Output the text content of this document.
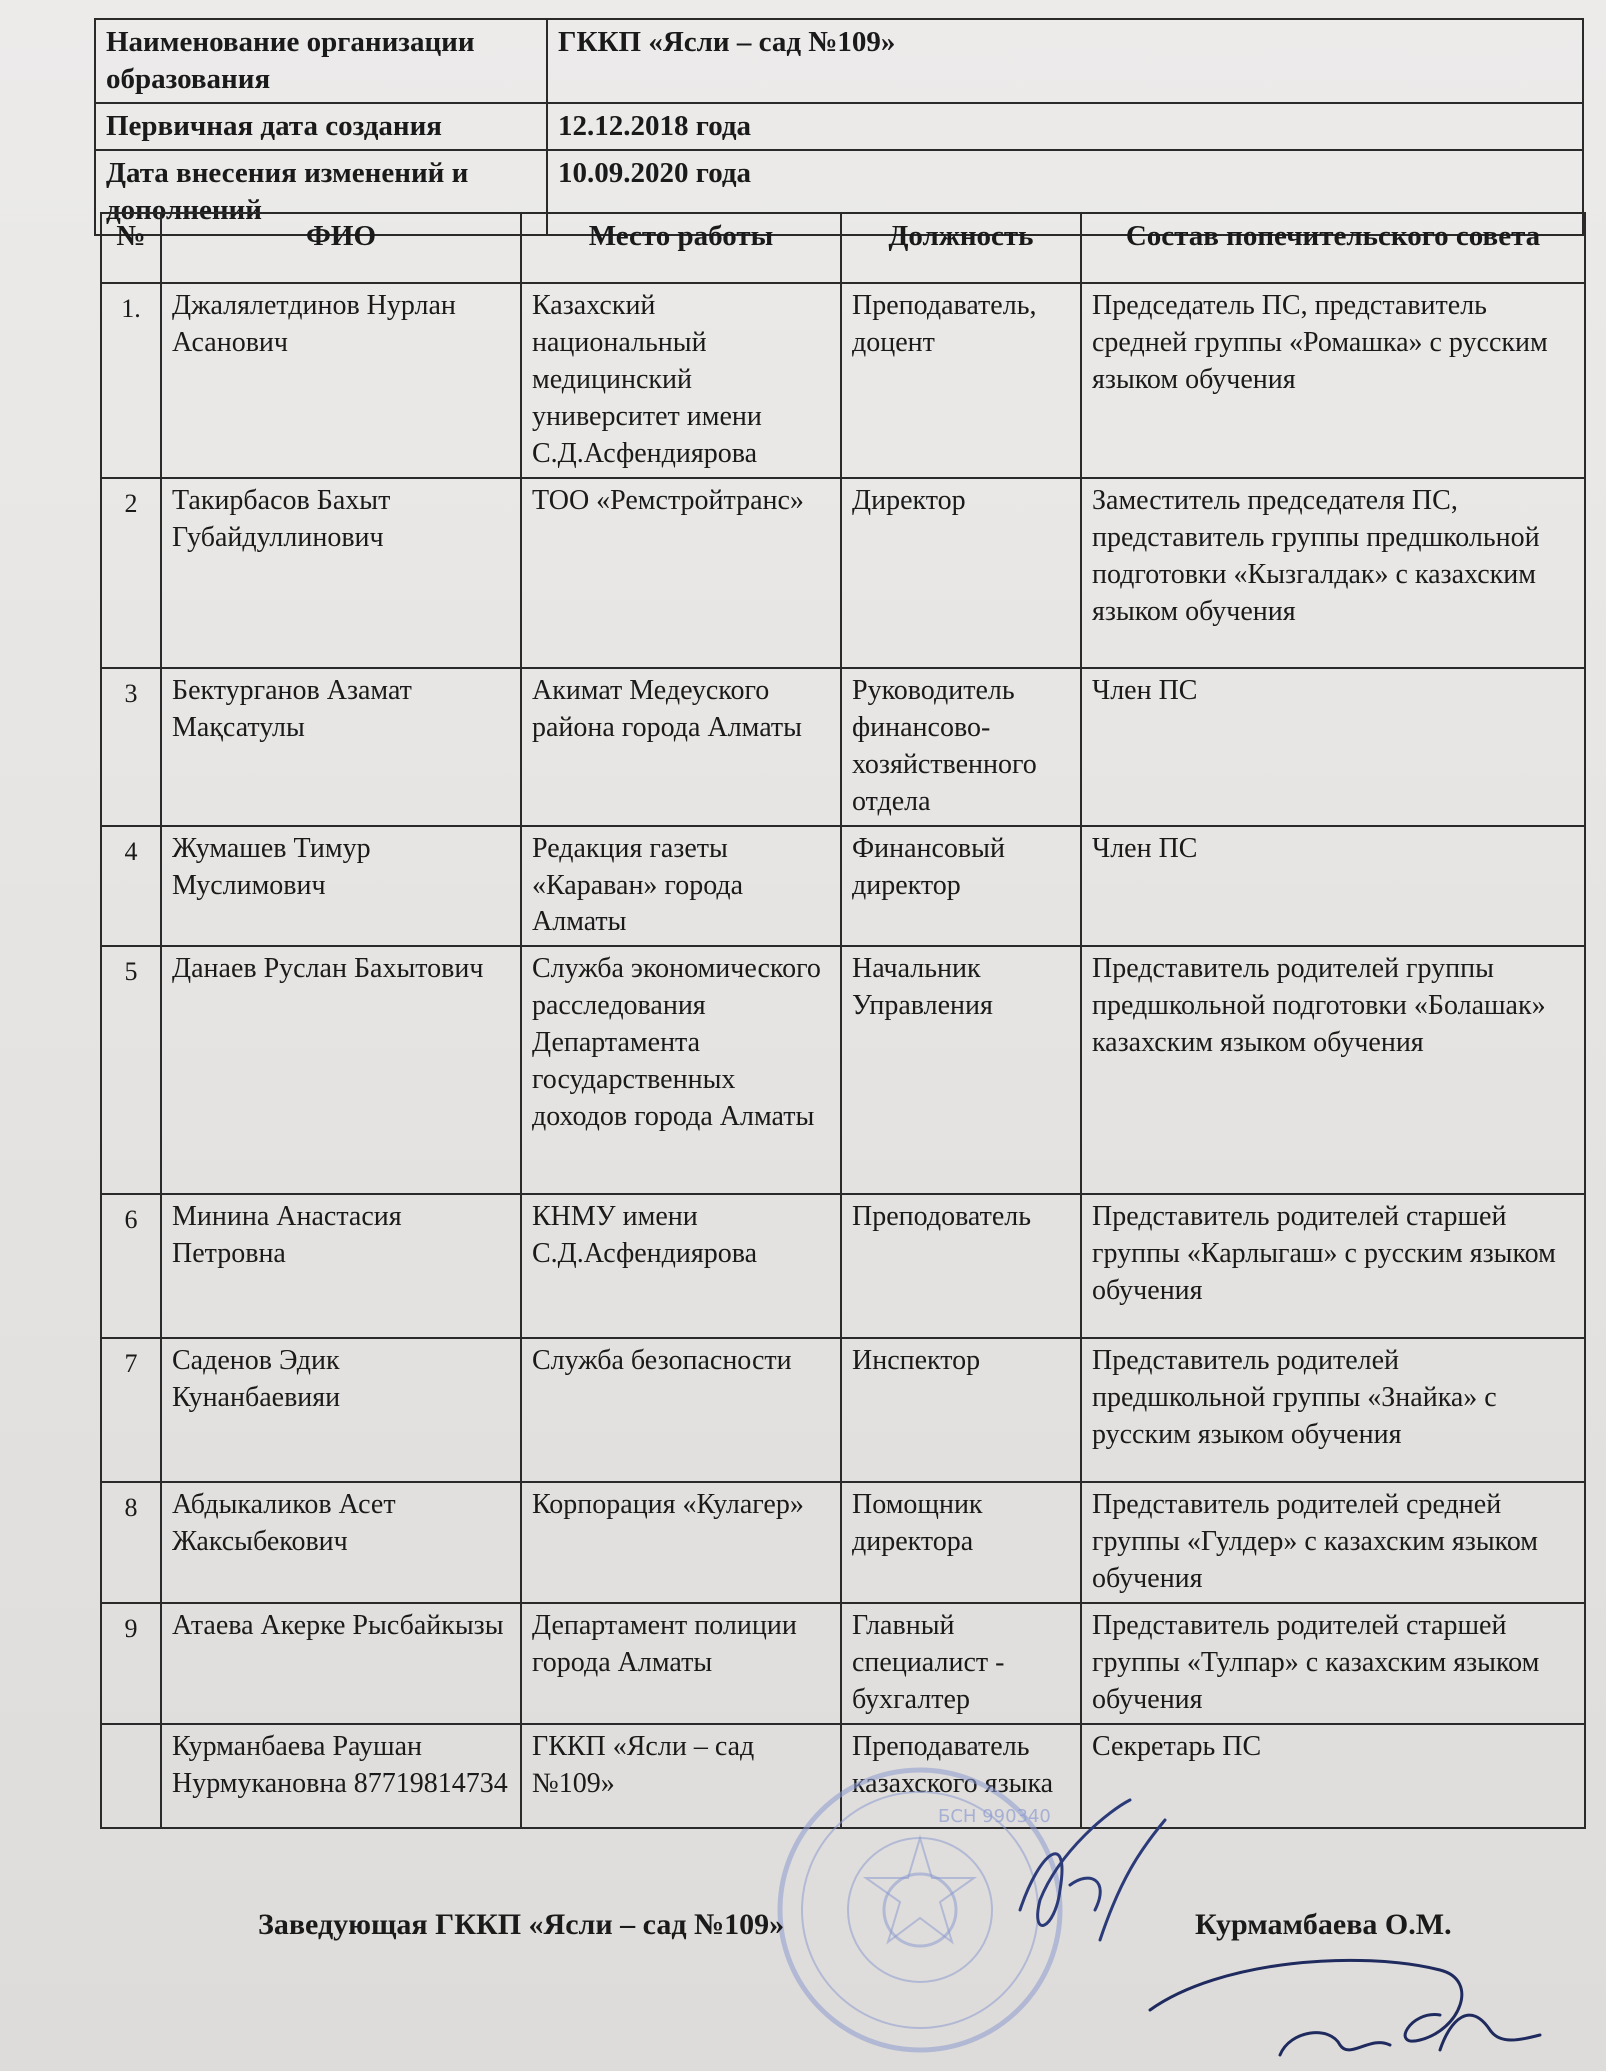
Наименование организации образования	ГККП «Ясли – сад №109»
Первичная дата создания	12.12.2018 года
Дата внесения изменений и дополнений	10.09.2020 года
№	ФИО	Место работы	Должность	Состав попечительского совета
1.	Джалялетдинов Нурлан Асанович	Казахский национальный медицинский университет имени С.Д.Асфендиярова	Преподаватель, доцент	Председатель ПС, представитель средней группы «Ромашка» с русским языком обучения
2	Такирбасов Бахыт Губайдуллинович	ТОО «Ремстройтранс»	Директор	Заместитель председателя ПС, представитель группы предшкольной подготовки «Кызгалдак» с казахским языком обучения
3	Бектурганов Азамат Мақсатулы	Акимат Медеуского района города Алматы	Руководитель финансово-хозяйственного отдела	Член ПС
4	Жумашев Тимур Муслимович	Редакция газеты «Караван» города Алматы	Финансовый директор	Член ПС
5	Данаев Руслан Бахытович	Служба экономического расследования Департамента государственных доходов города Алматы	Начальник Управления	Представитель родителей группы предшкольной подготовки «Болашак» казахским языком обучения
6	Минина Анастасия Петровна	КНМУ имени С.Д.Асфендиярова	Преподователь	Представитель родителей старшей группы «Карлыгаш» с русским языком обучения
7	Саденов Эдик Кунанбаевияи	Служба безопасности	Инспектор	Представитель родителей предшкольной группы «Знайка» с русским языком обучения
8	Абдыкаликов Асет Жаксыбекович	Корпорация «Кулагер»	Помощник директора	Представитель родителей средней группы «Гулдер» с казахским языком обучения
9	Атаева Акерке Рысбайкызы	Департамент полиции города Алматы	Главный специалист - бухгалтер	Представитель родителей старшей группы «Тулпар» с казахским языком обучения
	Курманбаева Раушан Нурмукановна 87719814734	ГККП «Ясли – сад №109»	Преподаватель казахского языка	Секретарь ПС
БСН 990340
Заведующая ГККП «Ясли – сад №109»	Курмамбаева О.М.
